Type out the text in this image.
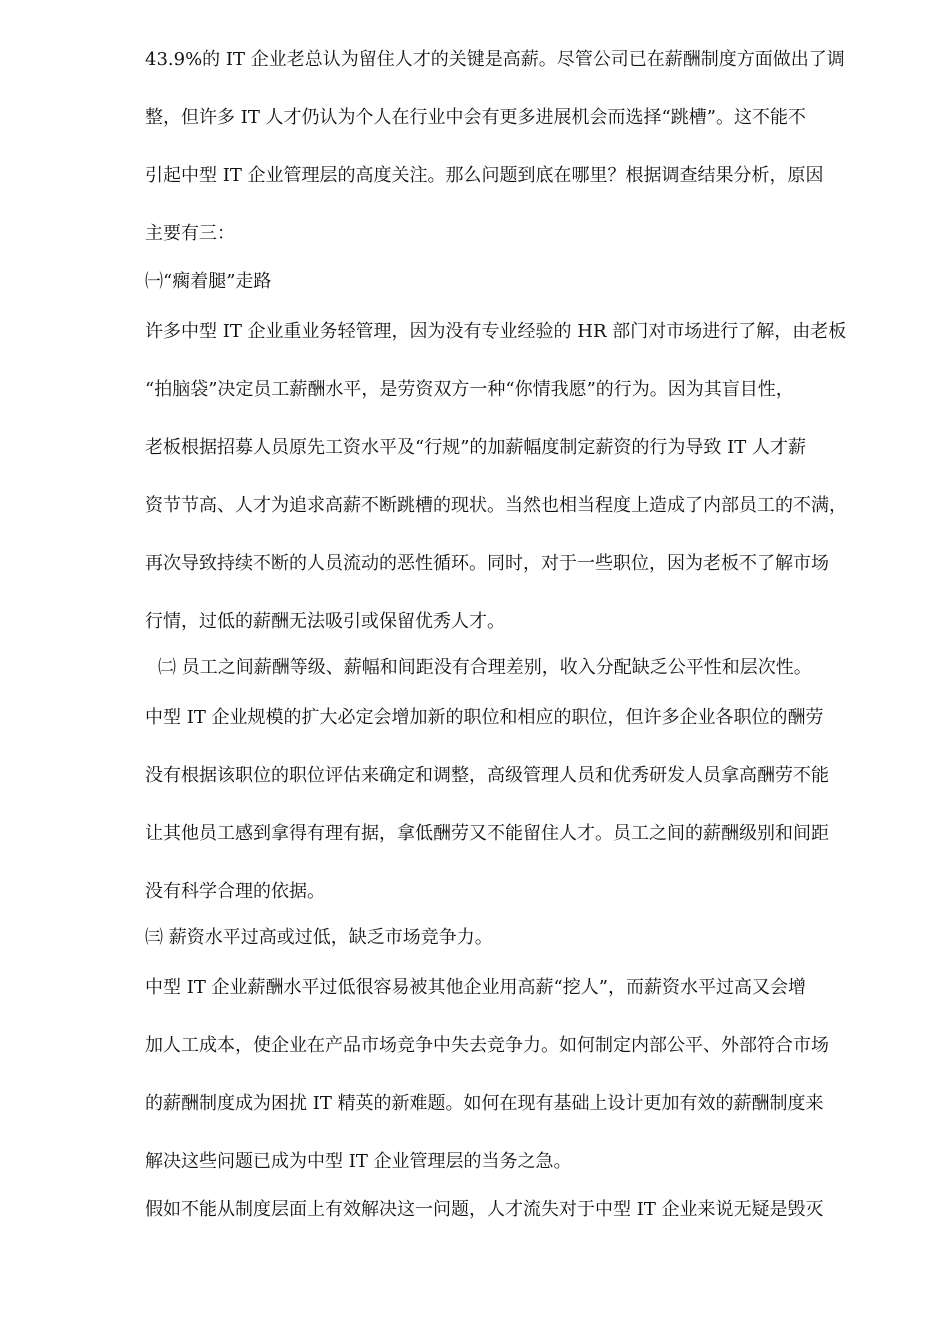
43.9%的 IT 企业老总认为留住人才的关键是高薪。尽管公司已在薪酬制度方面做出了调

整，但许多 IT 人才仍认为个人在行业中会有更多进展机会而选择“跳槽”。这不能不

引起中型 IT 企业管理层的高度关注。那么问题到底在哪里？根据调查结果分析，原因

主要有三：

㈠“瘸着腿”走路

许多中型 IT 企业重业务轻管理，因为没有专业经验的 HR 部门对市场进行了解，由老板

“拍脑袋”决定员工薪酬水平，是劳资双方一种“你情我愿”的行为。因为其盲目性，

老板根据招募人员原先工资水平及“行规”的加薪幅度制定薪资的行为导致 IT 人才薪

资节节高、人才为追求高薪不断跳槽的现状。当然也相当程度上造成了内部员工的不满，

再次导致持续不断的人员流动的恶性循环。同时，对于一些职位，因为老板不了解市场

行情，过低的薪酬无法吸引或保留优秀人才。

㈡ 员工之间薪酬等级、薪幅和间距没有合理差别，收入分配缺乏公平性和层次性。

中型 IT 企业规模的扩大必定会增加新的职位和相应的职位，但许多企业各职位的酬劳

没有根据该职位的职位评估来确定和调整，高级管理人员和优秀研发人员拿高酬劳不能

让其他员工感到拿得有理有据，拿低酬劳又不能留住人才。员工之间的薪酬级别和间距

没有科学合理的依据。

㈢ 薪资水平过高或过低，缺乏市场竞争力。

中型 IT 企业薪酬水平过低很容易被其他企业用高薪“挖人”，而薪资水平过高又会增

加人工成本，使企业在产品市场竞争中失去竞争力。如何制定内部公平、外部符合市场

的薪酬制度成为困扰 IT 精英的新难题。如何在现有基础上设计更加有效的薪酬制度来

解决这些问题已成为中型 IT 企业管理层的当务之急。

假如不能从制度层面上有效解决这一问题，人才流失对于中型 IT 企业来说无疑是毁灭
